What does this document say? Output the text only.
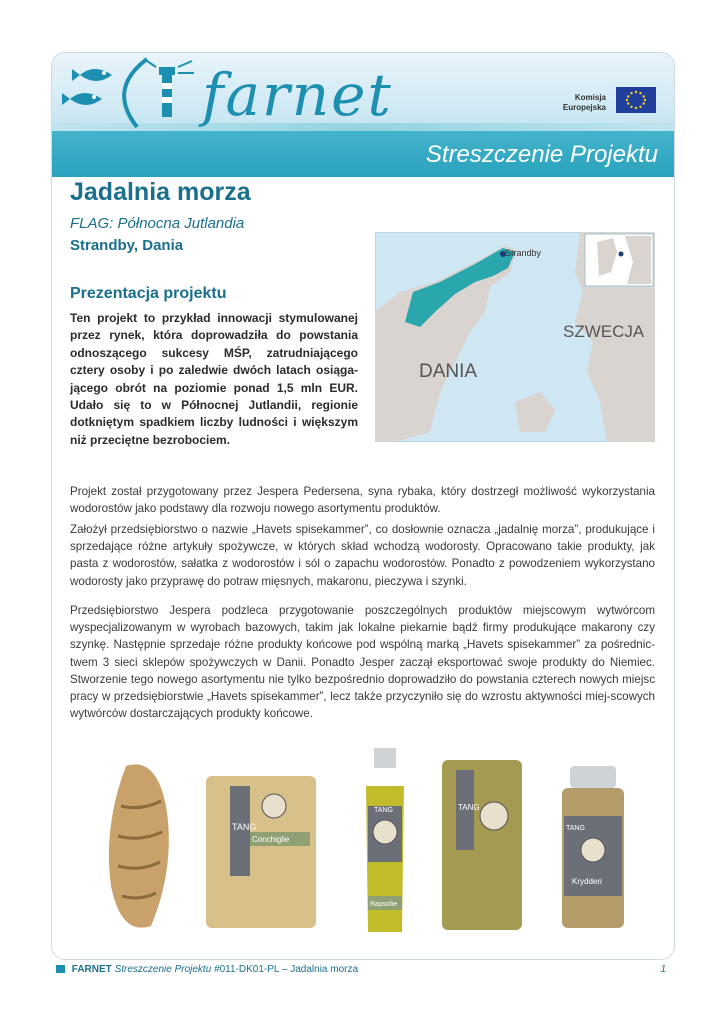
farnet	Komisja
Europejska
Streszczenie Projektu
Jadalnia morza
FLAG: Północna Jutlandia
Strandby, Dania	Strandby
SZWECJA
DANIA
Prezentacja projektu
Ten projekt to przykład innowacji stymulowanej przez rynek, która doprowadziła do powstania odnoszącego sukcesy MŚP, zatrudniającego cztery osoby i po zaledwie dwóch latach osiąga-jącego obrót na poziomie ponad 1,5 mln EUR. Udało się to w Północnej Jutlandii, regionie dotkniętym spadkiem liczby ludności i większym niż przeciętne bezrobociem.

Projekt został przygotowany przez Jespera Pedersena, syna rybaka, który dostrzegł możliwość wykorzystania wodorostów jako podstawy dla rozwoju nowego asortymentu produktów.

Założył przedsiębiorstwo o nazwie „Havets spisekammer”, co dosłownie oznacza „jadalnię morza”, produkujące i sprzedające różne artykuły spożywcze, w których skład wchodzą wodorosty. Opracowano takie produkty, jak pasta z wodorostów, sałatka z wodorostów i sól o zapachu wodorostów. Ponadto z powodzeniem wykorzystano wodorosty jako przyprawę do potraw mięsnych, makaronu, pieczywa i szynki.

Przedsiębiorstwo Jespera podzleca przygotowanie poszczególnych produktów miejscowym wytwórcom wyspecjalizowanym w wyrobach bazowych, takim jak lokalne piekarnie bądź firmy produkujące makarony czy szynkę. Następnie sprzedaje różne produkty końcowe pod wspólną marką „Havets spisekammer” za pośrednic-twem 3 sieci sklepów spożywczych w Danii. Ponadto Jesper zaczął eksportować swoje produkty do Niemiec. Stworzenie tego nowego asortymentu nie tylko bezpośrednio doprowadziło do powstania czterech nowych miejsc pracy w przedsiębiorstwie „Havets spisekammer”, lecz także przyczyniło się do wzrostu aktywności miej-scowych wytwórców dostarczających produkty końcowe.

TANG
Conchiglie
TANG
Rapsolie
TANG
TANG
Krydderi
FARNET Streszczenie Projektu #011-DK01-PL – Jadalnia morza	1
